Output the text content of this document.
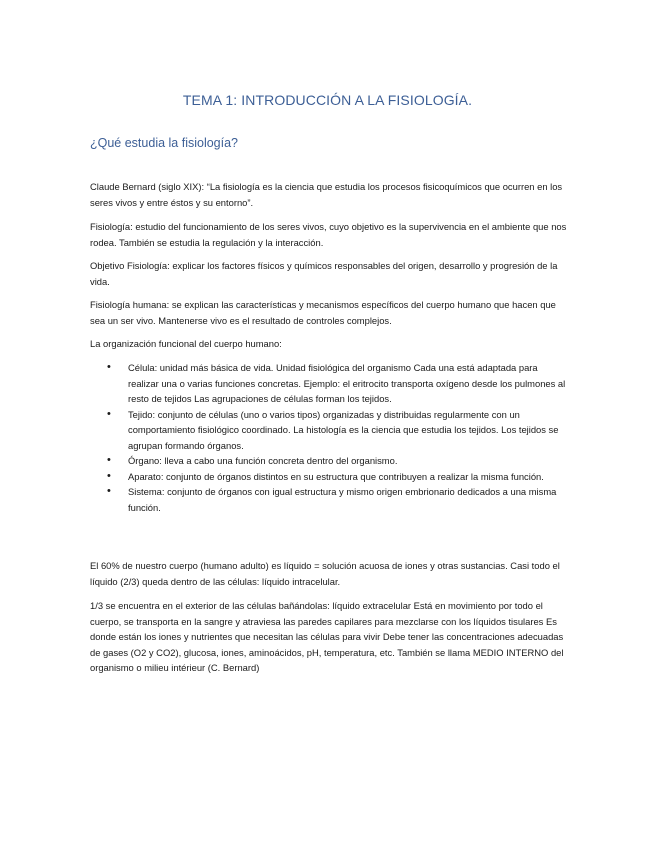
TEMA 1: INTRODUCCIÓN A LA FISIOLOGÍA.
¿Qué estudia la fisiología?
Claude Bernard (siglo XIX): “La fisiología es la ciencia que estudia los procesos fisicoquímicos que ocurren en los seres vivos y entre éstos y su entorno”.
Fisiología: estudio del funcionamiento de los seres vivos, cuyo objetivo es la supervivencia en el ambiente que nos rodea. También se estudia la regulación y la interacción.
Objetivo Fisiología: explicar los factores físicos y químicos responsables del origen, desarrollo y progresión de la vida.
Fisiología humana: se explican las características y mecanismos específicos del cuerpo humano que hacen que sea un ser vivo. Mantenerse vivo es el resultado de controles complejos.
La organización funcional del cuerpo humano:
• Célula: unidad más básica de vida. Unidad fisiológica del organismo Cada una está adaptada para realizar una o varias funciones concretas. Ejemplo: el eritrocito transporta oxígeno desde los pulmones al resto de tejidos Las agrupaciones de células forman los tejidos.
• Tejido: conjunto de células (uno o varios tipos) organizadas y distribuidas regularmente con un comportamiento fisiológico coordinado. La histología es la ciencia que estudia los tejidos. Los tejidos se agrupan formando órganos.
• Órgano: lleva a cabo una función concreta dentro del organismo.
• Aparato: conjunto de órganos distintos en su estructura que contribuyen a realizar la misma función.
• Sistema: conjunto de órganos con igual estructura y mismo origen embrionario dedicados a una misma función.
El 60% de nuestro cuerpo (humano adulto) es líquido = solución acuosa de iones y otras sustancias. Casi todo el líquido (2/3) queda dentro de las células: líquido intracelular.
1/3 se encuentra en el exterior de las células bañándolas: líquido extracelular Está en movimiento por todo el cuerpo, se transporta en la sangre y atraviesa las paredes capilares para mezclarse con los líquidos tisulares Es donde están los iones y nutrientes que necesitan las células para vivir Debe tener las concentraciones adecuadas de gases (O2 y CO2), glucosa, iones, aminoácidos, pH, temperatura, etc. También se llama MEDIO INTERNO del organismo o milieu intérieur (C. Bernard)
